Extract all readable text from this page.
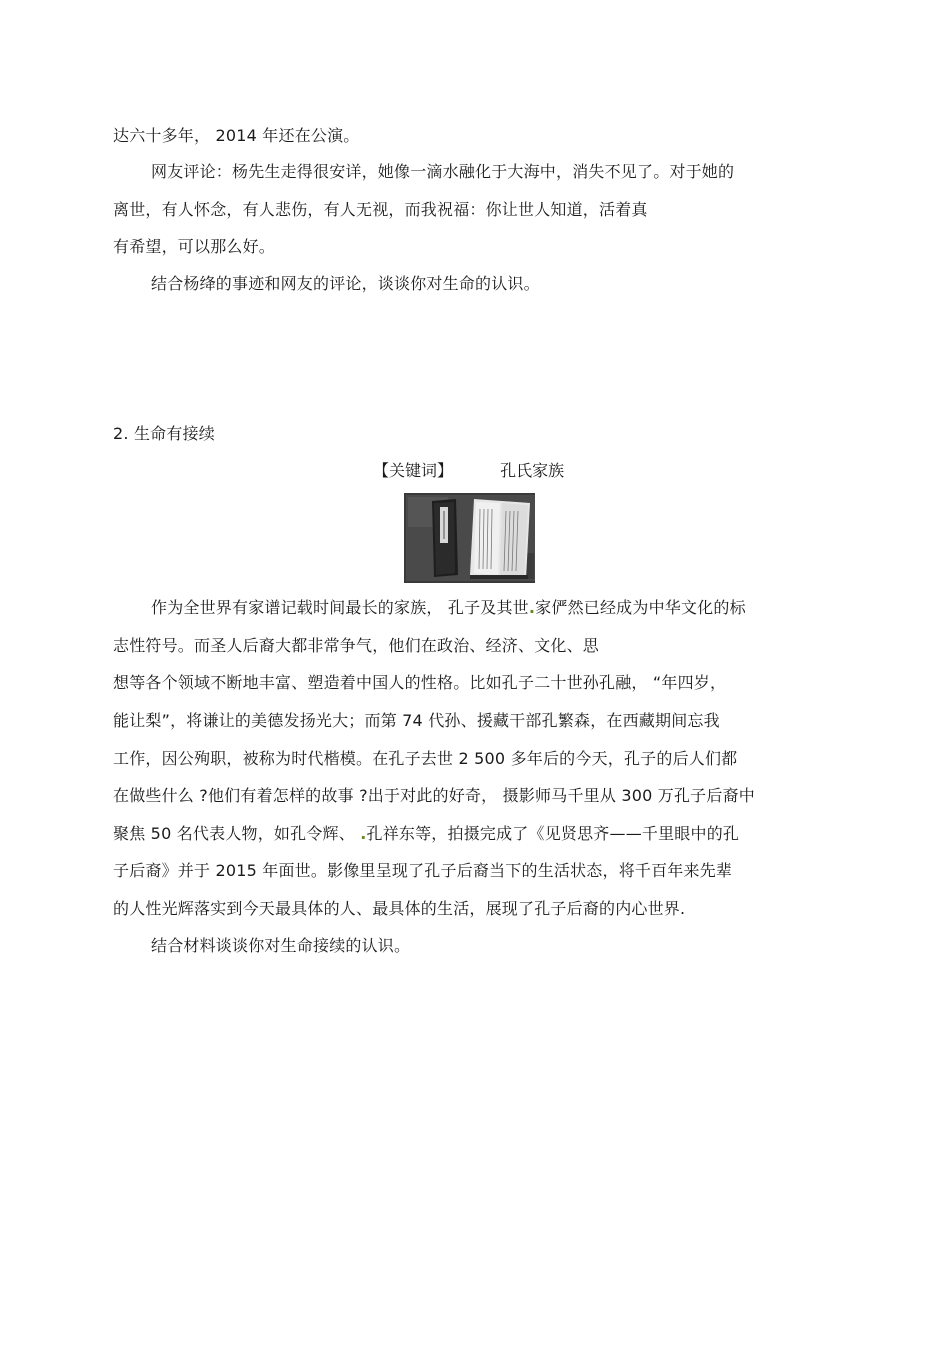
达六十多年， 2014 年还在公演。
网友评论：杨先生走得很安详，她像一滴水融化于大海中，消失不见了。对于她的
离世，有人怀念，有人悲伤，有人无视，而我祝福：你让世人知道，活着真
有希望，可以那么好。
结合杨绛的事迹和网友的评论，谈谈你对生命的认识。
2. 生命有接续
【关键词】	孔氏家族
作为全世界有家谱记载时间最长的家族， 孔子及其世.家俨然已经成为中华文化的标
志性符号。而圣人后裔大都非常争气，他们在政治、经济、文化、思
想等各个领域不断地丰富、塑造着中国人的性格。比如孔子二十世孙孔融， “年四岁，
能让梨”，将谦让的美德发扬光大；而第 74 代孙、援藏干部孔繁森，在西藏期间忘我
工作，因公殉职，被称为时代楷模。在孔子去世 2 500 多年后的今天，孔子的后人们都
在做些什么 ?他们有着怎样的故事 ?出于对此的好奇， 摄影师马千里从 300 万孔子后裔中
聚焦 50 名代表人物，如孔令辉、 .孔祥东等，拍摄完成了《见贤思齐——千里眼中的孔
子后裔》并于 2015 年面世。影像里呈现了孔子后裔当下的生活状态，将千百年来先辈
的人性光辉落实到今天最具体的人、最具体的生活，展现了孔子后裔的内心世界.
结合材料谈谈你对生命接续的认识。
